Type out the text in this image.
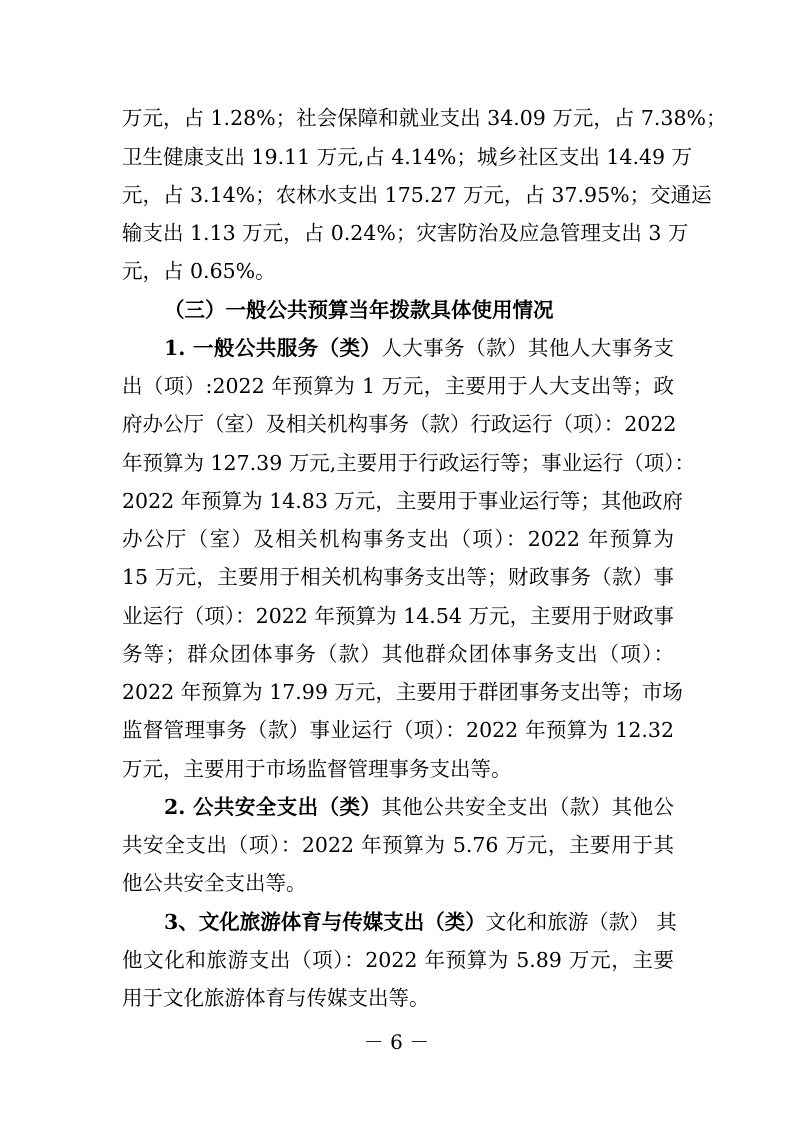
万元，占 1.28%；社会保障和就业支出 34.09 万元，占 7.38%；
卫生健康支出 19.11 万元,占 4.14%；城乡社区支出 14.49 万
元，占 3.14%；农林水支出 175.27 万元，占 37.95%；交通运
输支出 1.13 万元，占 0.24%；灾害防治及应急管理支出 3 万
元，占 0.65%。
（三）一般公共预算当年拨款具体使用情况
1. 一般公共服务（类）人大事务（款）其他人大事务支
出（项）:2022 年预算为 1 万元，主要用于人大支出等；政
府办公厅（室）及相关机构事务（款）行政运行（项）：2022
年预算为 127.39 万元,主要用于行政运行等；事业运行（项）：
2022 年预算为 14.83 万元，主要用于事业运行等；其他政府
办公厅（室）及相关机构事务支出（项）：2022 年预算为
15 万元，主要用于相关机构事务支出等；财政事务（款）事
业运行（项）：2022 年预算为 14.54 万元，主要用于财政事
务等；群众团体事务（款）其他群众团体事务支出（项）：
2022 年预算为 17.99 万元，主要用于群团事务支出等；市场
监督管理事务（款）事业运行（项）：2022 年预算为 12.32
万元，主要用于市场监督管理事务支出等。
2. 公共安全支出（类）其他公共安全支出（款）其他公
共安全支出（项）：2022 年预算为 5.76 万元，主要用于其
他公共安全支出等。
3、文化旅游体育与传媒支出（类）文化和旅游（款） 其
他文化和旅游支出（项）：2022 年预算为 5.89 万元，主要
用于文化旅游体育与传媒支出等。
－ 6 －
